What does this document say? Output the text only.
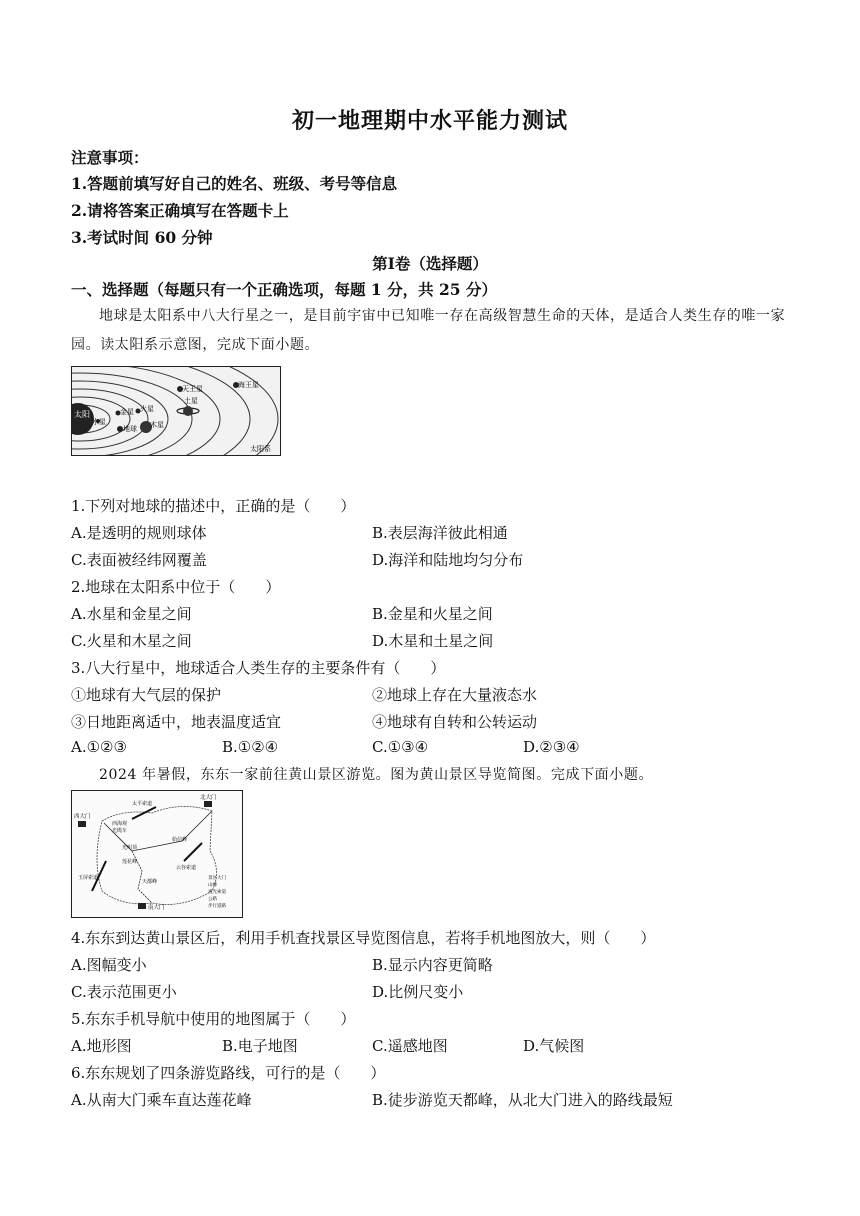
初一地理期中水平能力测试
注意事项：
1.答题前填写好自己的姓名、班级、考号等信息
2.请将答案正确填写在答题卡上
3.考试时间 60 分钟
第Ⅰ卷（选择题）
一、选择题（每题只有一个正确选项，每题 1 分，共 25 分）
地球是太阳系中八大行星之一，是目前宇宙中已知唯一存在高级智慧生命的天体，是适合人类生存的唯一家园。读太阳系示意图，完成下面小题。
太阳
水星
金星
地球
火星
木星
土星
天王星	海王星
太阳系
1.下列对地球的描述中，正确的是（　　）
A.是透明的规则球体	B.表层海洋彼此相通
C.表面被经纬网覆盖	D.海洋和陆地均匀分布
2.地球在太阳系中位于（　　）
A.水星和金星之间	B.金星和火星之间
C.火星和木星之间	D.木星和土星之间
3.八大行星中，地球适合人类生存的主要条件有（　　）
①地球有大气层的保护	②地球上存在大量液态水
③日地距离适中，地表温度适宜	④地球有自转和公转运动
A.①②③	B.①②④	C.①③④	D.②③④
2024 年暑假，东东一家前往黄山景区游览。图为黄山景区导览简图。完成下面小题。
北大门
西大门
南大门
太平索道
西海观
光缆车
光明顶
始信峰
莲花峰
云谷索道
天都峰
玉屏索道	景区大门
山峰
观光索道
公路
步行道路
4.东东到达黄山景区后，利用手机查找景区导览图信息，若将手机地图放大，则（　　）
A.图幅变小	B.显示内容更简略
C.表示范围更小	D.比例尺变小
5.东东手机导航中使用的地图属于（　　）
A.地形图	B.电子地图	C.遥感地图	D.气候图
6.东东规划了四条游览路线，可行的是（　　）
A.从南大门乘车直达莲花峰	B.徒步游览天都峰，从北大门进入的路线最短
